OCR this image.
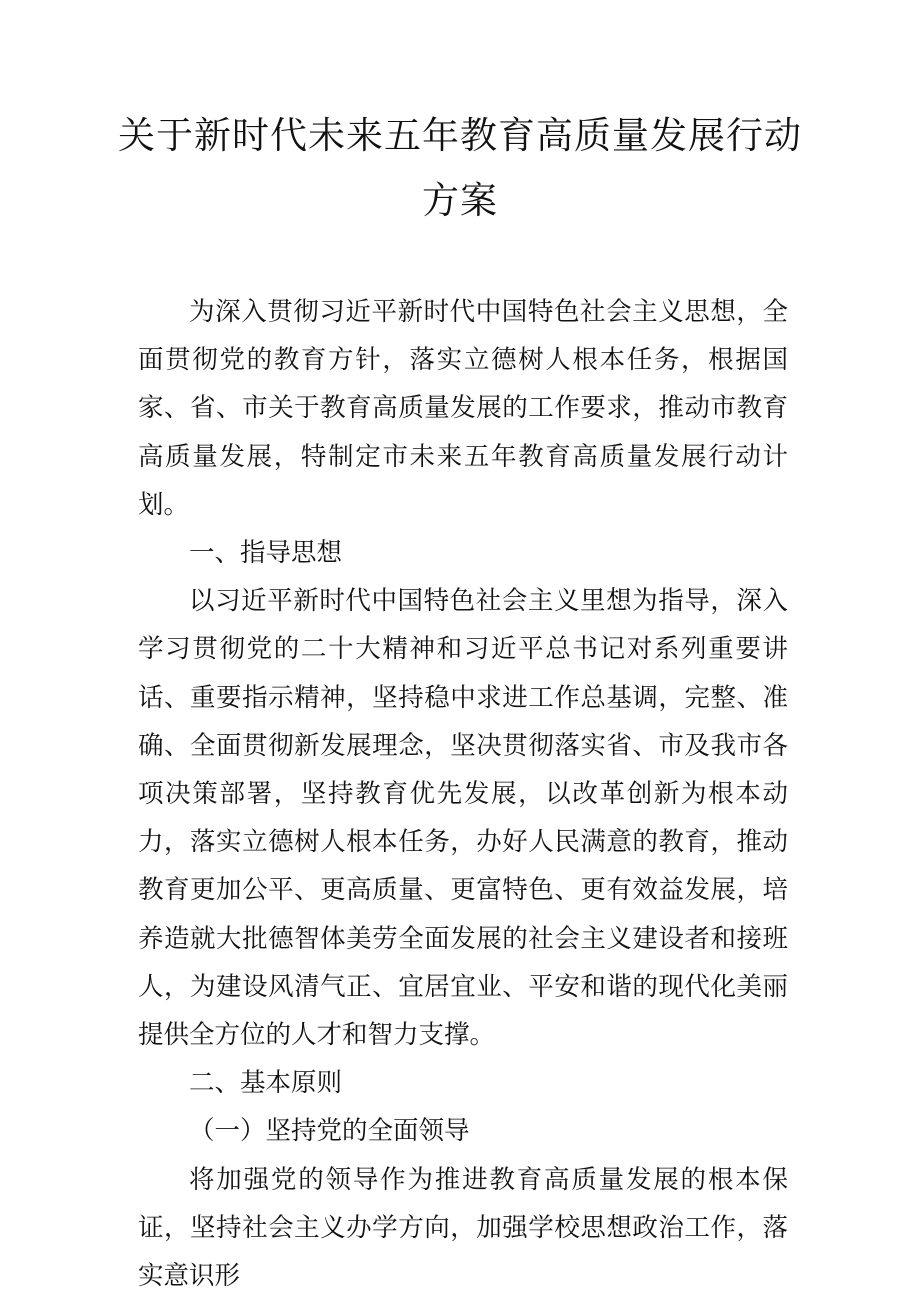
关于新时代未来五年教育高质量发展行动
方案

为深入贯彻习近平新时代中国特色社会主义思想，全面贯彻党的教育方针，落实立德树人根本任务，根据国家、省、市关于教育高质量发展的工作要求，推动市教育高质量发展，特制定市未来五年教育高质量发展行动计划。

一、指导思想

以习近平新时代中国特色社会主义里想为指导，深入学习贯彻党的二十大精神和习近平总书记对系列重要讲话、重要指示精神，坚持稳中求进工作总基调，完整、准确、全面贯彻新发展理念，坚决贯彻落实省、市及我市各项决策部署，坚持教育优先发展，以改革创新为根本动力，落实立德树人根本任务，办好人民满意的教育，推动教育更加公平、更高质量、更富特色、更有效益发展，培养造就大批德智体美劳全面发展的社会主义建设者和接班人，为建设风清气正、宜居宜业、平安和谐的现代化美丽提供全方位的人才和智力支撑。

二、基本原则

（一）坚持党的全面领导

将加强党的领导作为推进教育高质量发展的根本保证，坚持社会主义办学方向，加强学校思想政治工作，落实意识形
